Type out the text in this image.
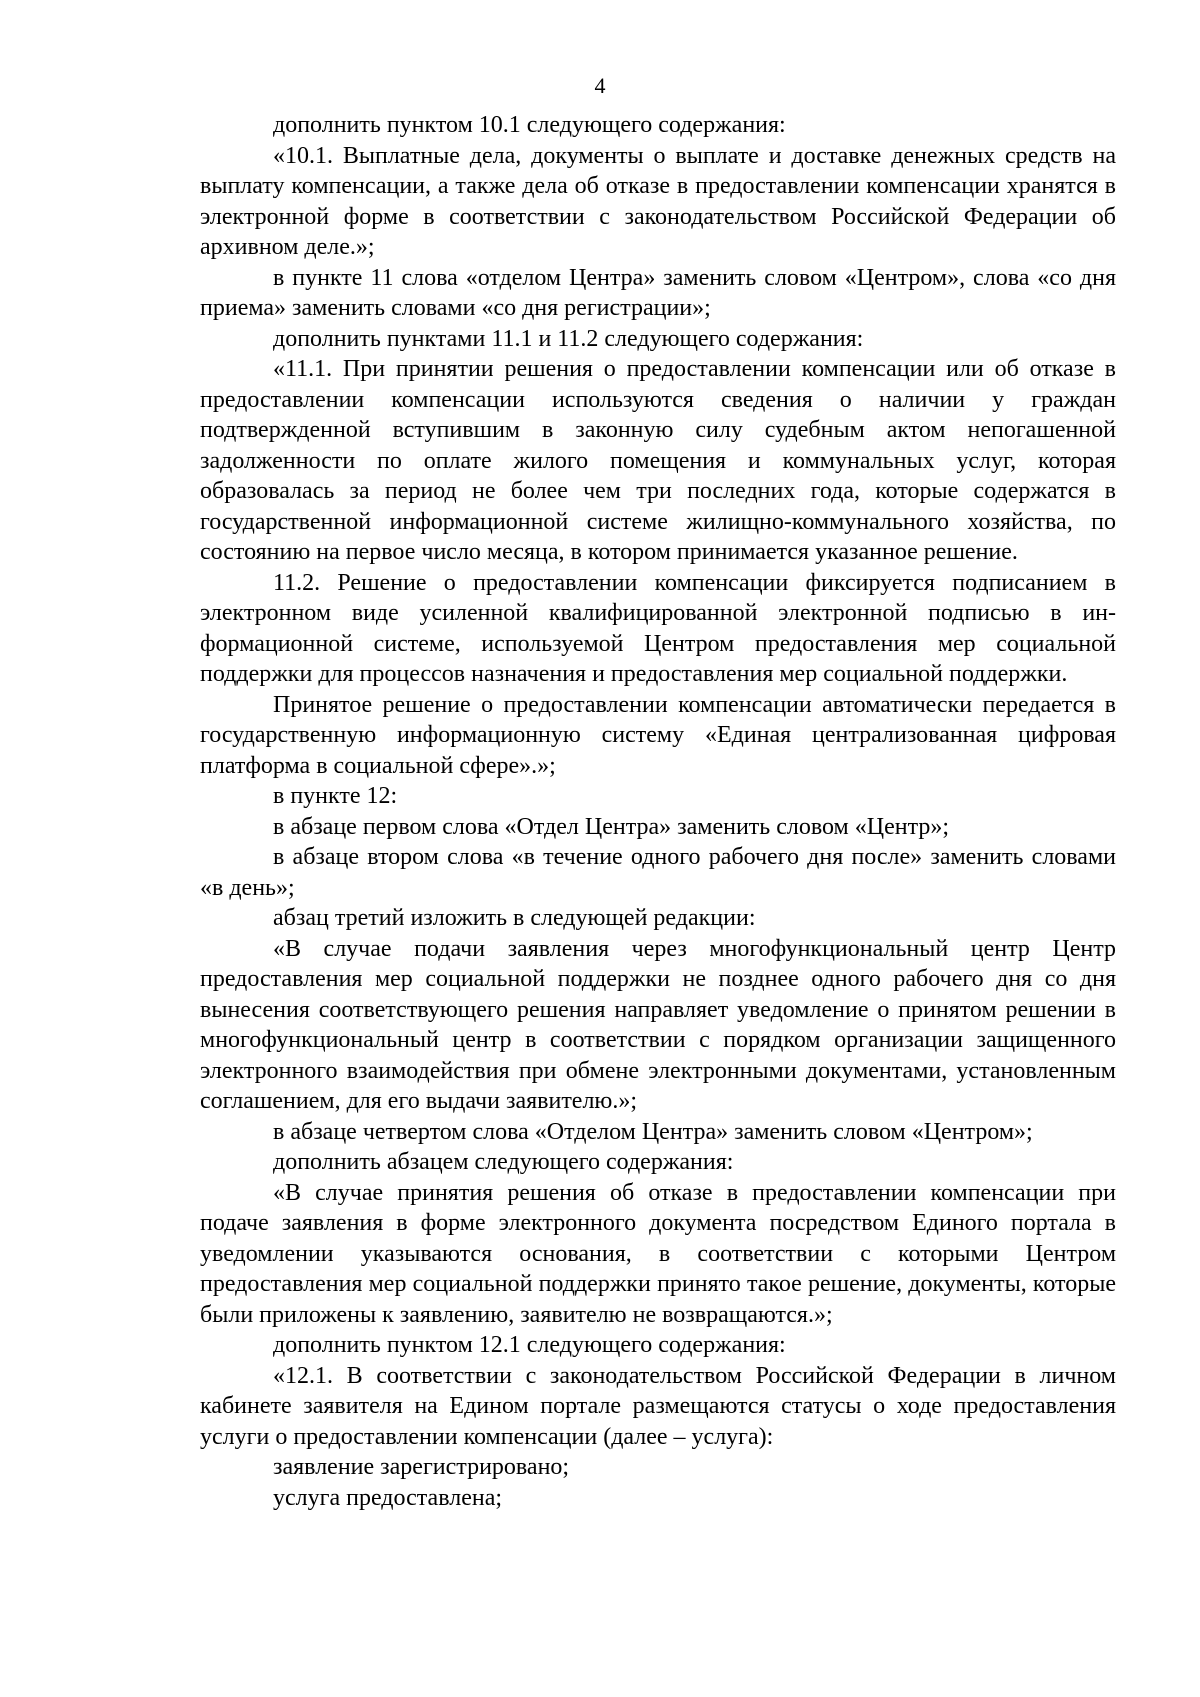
4

дополнить пунктом 10.1 следующего содержания:

«10.1. Выплатные дела, документы о выплате и доставке денежных средств на выплату компенсации, а также дела об отказе в предоставлении компенсации хранятся в электронной форме в соответствии с законодательством Российской Федерации об архивном деле.»;

в пункте 11 слова «отделом Центра» заменить словом «Центром», слова «со дня приема» заменить словами «со дня регистрации»;

дополнить пунктами 11.1 и 11.2 следующего содержания:

«11.1. При принятии решения о предоставлении компенсации или об отказе в предоставлении компенсации используются сведения о наличии у граждан подтвержденной вступившим в законную силу судебным актом непогашенной задолженности по оплате жилого помещения и коммунальных услуг, которая образовалась за период не более чем три последних года, которые содержатся в государственной информационной системе жилищно-коммунального хозяйства, по состоянию на первое число месяца, в котором принимается указанное решение.

11.2. Решение о предоставлении компенсации фиксируется подписанием в электронном виде усиленной квалифицированной электронной подписью в информационной системе, используемой Центром предоставления мер социальной поддержки для процессов назначения и предоставления мер социальной поддержки.

Принятое решение о предоставлении компенсации автоматически передается в государственную информационную систему «Единая централизованная цифровая платформа в социальной сфере».»;

в пункте 12:

в абзаце первом слова «Отдел Центра» заменить словом «Центр»;

в абзаце втором слова «в течение одного рабочего дня после» заменить словами «в день»;

абзац третий изложить в следующей редакции:

«В случае подачи заявления через многофункциональный центр Центр предоставления мер социальной поддержки не позднее одного рабочего дня со дня вынесения соответствующего решения направляет уведомление о принятом решении в многофункциональный центр в соответствии с порядком организации защищенного электронного взаимодействия при обмене электронными документами, установленным соглашением, для его выдачи заявителю.»;

в абзаце четвертом слова «Отделом Центра» заменить словом «Центром»;

дополнить абзацем следующего содержания:

«В случае принятия решения об отказе в предоставлении компенсации при подаче заявления в форме электронного документа посредством Единого портала в уведомлении указываются основания, в соответствии с которыми Центром предоставления мер социальной поддержки принято такое решение, документы, которые были приложены к заявлению, заявителю не возвращаются.»;

дополнить пунктом 12.1 следующего содержания:

«12.1. В соответствии с законодательством Российской Федерации в личном кабинете заявителя на Едином портале размещаются статусы о ходе предоставления услуги о предоставлении компенсации (далее – услуга):

заявление зарегистрировано;

услуга предоставлена;
